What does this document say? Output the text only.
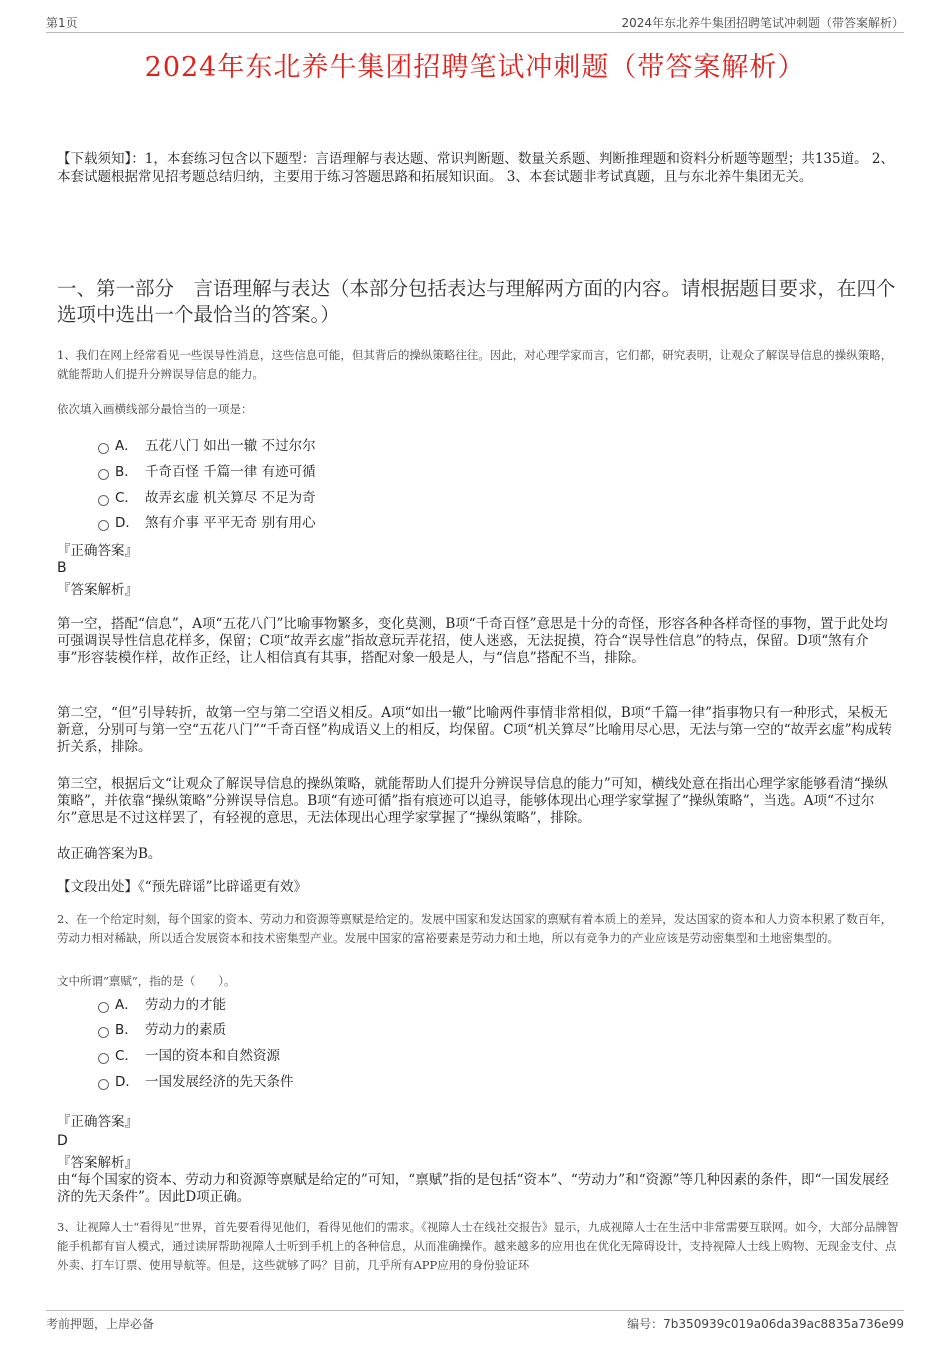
第1页	2024年东北养牛集团招聘笔试冲刺题（带答案解析）
2024年东北养牛集团招聘笔试冲刺题（带答案解析）
【下载须知】：1，本套练习包含以下题型：言语理解与表达题、常识判断题、数量关系题、判断推理题和资料分析题等题型；共135道。 2、本套试题根据常见招考题总结归纳，主要用于练习答题思路和拓展知识面。 3、本套试题非考试真题，且与东北养牛集团无关。
一、第一部分　言语理解与表达（本部分包括表达与理解两方面的内容。请根据题目要求，在四个选项中选出一个最恰当的答案。）
1、我们在网上经常看见一些误导性消息，这些信息可能，但其背后的操纵策略往往。因此，对心理学家而言，它们都，研究表明，让观众了解误导信息的操纵策略，就能帮助人们提升分辨误导信息的能力。
依次填入画横线部分最恰当的一项是：
A． 五花八门 如出一辙 不过尔尔
B． 千奇百怪 千篇一律 有迹可循
C． 故弄玄虚 机关算尽 不足为奇
D． 煞有介事 平平无奇 别有用心
『正确答案』
B
『答案解析』
第一空，搭配“信息”，A项“五花八门”比喻事物繁多，变化莫测，B项“千奇百怪”意思是十分的奇怪，形容各种各样奇怪的事物，置于此处均可强调误导性信息花样多，保留；C项“故弄玄虚”指故意玩弄花招，使人迷惑，无法捉摸，符合“误导性信息”的特点，保留。D项“煞有介事”形容装模作样，故作正经，让人相信真有其事，搭配对象一般是人，与“信息”搭配不当，排除。
第二空，“但”引导转折，故第一空与第二空语义相反。A项“如出一辙”比喻两件事情非常相似，B项“千篇一律”指事物只有一种形式，呆板无新意，分别可与第一空“五花八门”“千奇百怪”构成语义上的相反，均保留。C项“机关算尽”比喻用尽心思，无法与第一空的“故弄玄虚”构成转折关系，排除。
第三空，根据后文“让观众了解误导信息的操纵策略，就能帮助人们提升分辨误导信息的能力”可知，横线处意在指出心理学家能够看清“操纵策略”，并依靠“操纵策略”分辨误导信息。B项“有迹可循”指有痕迹可以追寻，能够体现出心理学家掌握了“操纵策略”，当选。A项“不过尔尔”意思是不过这样罢了，有轻视的意思，无法体现出心理学家掌握了“操纵策略”，排除。
故正确答案为B。
【文段出处】《“预先辟谣”比辟谣更有效》
2、在一个给定时刻，每个国家的资本、劳动力和资源等禀赋是给定的。发展中国家和发达国家的禀赋有着本质上的差异，发达国家的资本和人力资本积累了数百年，劳动力相对稀缺，所以适合发展资本和技术密集型产业。发展中国家的富裕要素是劳动力和土地，所以有竞争力的产业应该是劳动密集型和土地密集型的。
文中所谓“禀赋”，指的是（　　）。
A． 劳动力的才能
B． 劳动力的素质
C． 一国的资本和自然资源
D． 一国发展经济的先天条件
『正确答案』
D
『答案解析』
由“每个国家的资本、劳动力和资源等禀赋是给定的”可知，“禀赋”指的是包括“资本”、“劳动力”和“资源”等几种因素的条件，即“一国发展经济的先天条件”。因此D项正确。
3、让视障人士“看得见”世界，首先要看得见他们，看得见他们的需求。《视障人士在线社交报告》显示，九成视障人士在生活中非常需要互联网。如今，大部分品牌智能手机都有盲人模式，通过读屏帮助视障人士听到手机上的各种信息，从而准确操作。越来越多的应用也在优化无障碍设计，支持视障人士线上购物、无现金支付、点外卖、打车订票、使用导航等。但是，这些就够了吗？目前，几乎所有APP应用的身份验证环
考前押题，上岸必备	编号：7b350939c019a06da39ac8835a736e99
